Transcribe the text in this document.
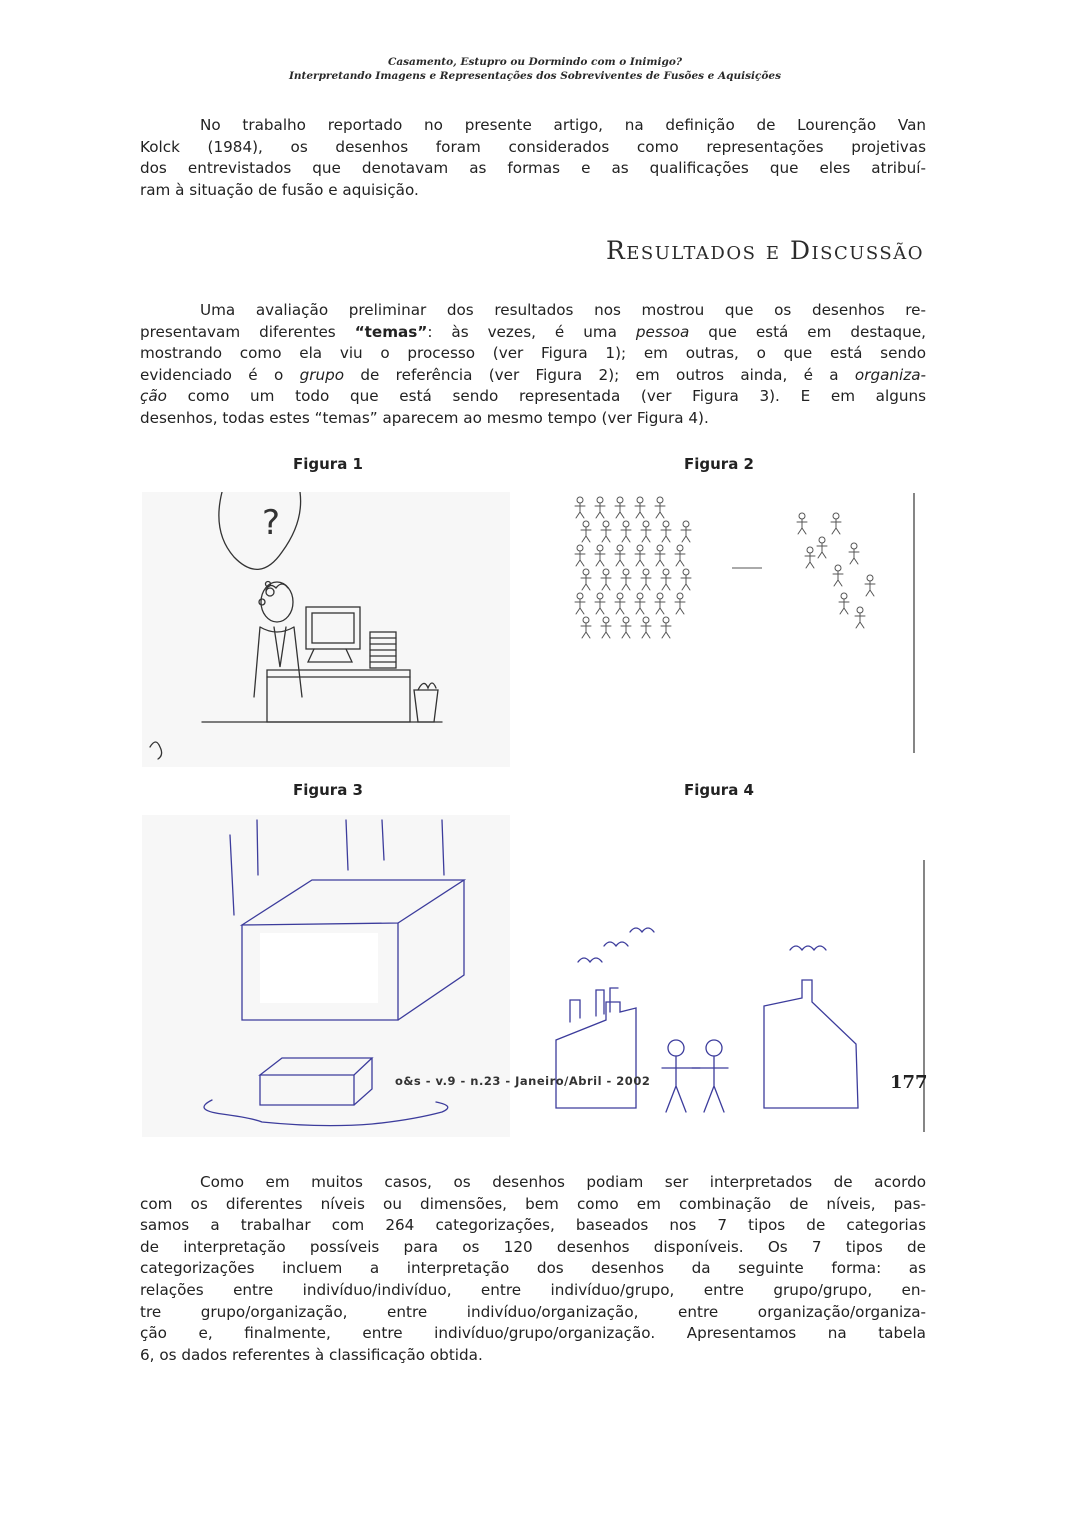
Casamento, Estupro ou Dormindo com o Inimigo?
Interpretando Imagens e Representações dos Sobreviventes de Fusões e Aquisições
No trabalho reportado no presente artigo, na definição de Lourenção Van
Kolck (1984), os desenhos foram considerados como representações projetivas
dos entrevistados que denotavam as formas e as qualificações que eles atribuí-
ram à situação de fusão e aquisição.
Resultados e Discussão
Uma avaliação preliminar dos resultados nos mostrou que os desenhos re-
presentavam diferentes “temas”: às vezes, é uma pessoa que está em destaque,
mostrando como ela viu o processo (ver Figura 1); em outras, o que está sendo
evidenciado é o grupo de referência (ver Figura 2); em outros ainda, é a organiza-
ção como um todo que está sendo representada (ver Figura 3). E em alguns
desenhos, todas estes “temas” aparecem ao mesmo tempo (ver Figura 4).
Figura 1	Figura 2
Figura 3	Figura 4
?
Como em muitos casos, os desenhos podiam ser interpretados de acordo
com os diferentes níveis ou dimensões, bem como em combinação de níveis, pas-
samos a trabalhar com 264 categorizações, baseados nos 7 tipos de categorias
de interpretação possíveis para os 120 desenhos disponíveis. Os 7 tipos de
categorizações incluem a interpretação dos desenhos da seguinte forma: as
relações entre indivíduo/indivíduo, entre indivíduo/grupo, entre grupo/grupo, en-
tre grupo/organização, entre indivíduo/organização, entre organização/organiza-
ção e, finalmente, entre indivíduo/grupo/organização. Apresentamos na tabela
6, os dados referentes à classificação obtida.
o&s - v.9 - n.23 - Janeiro/Abril - 2002	177
